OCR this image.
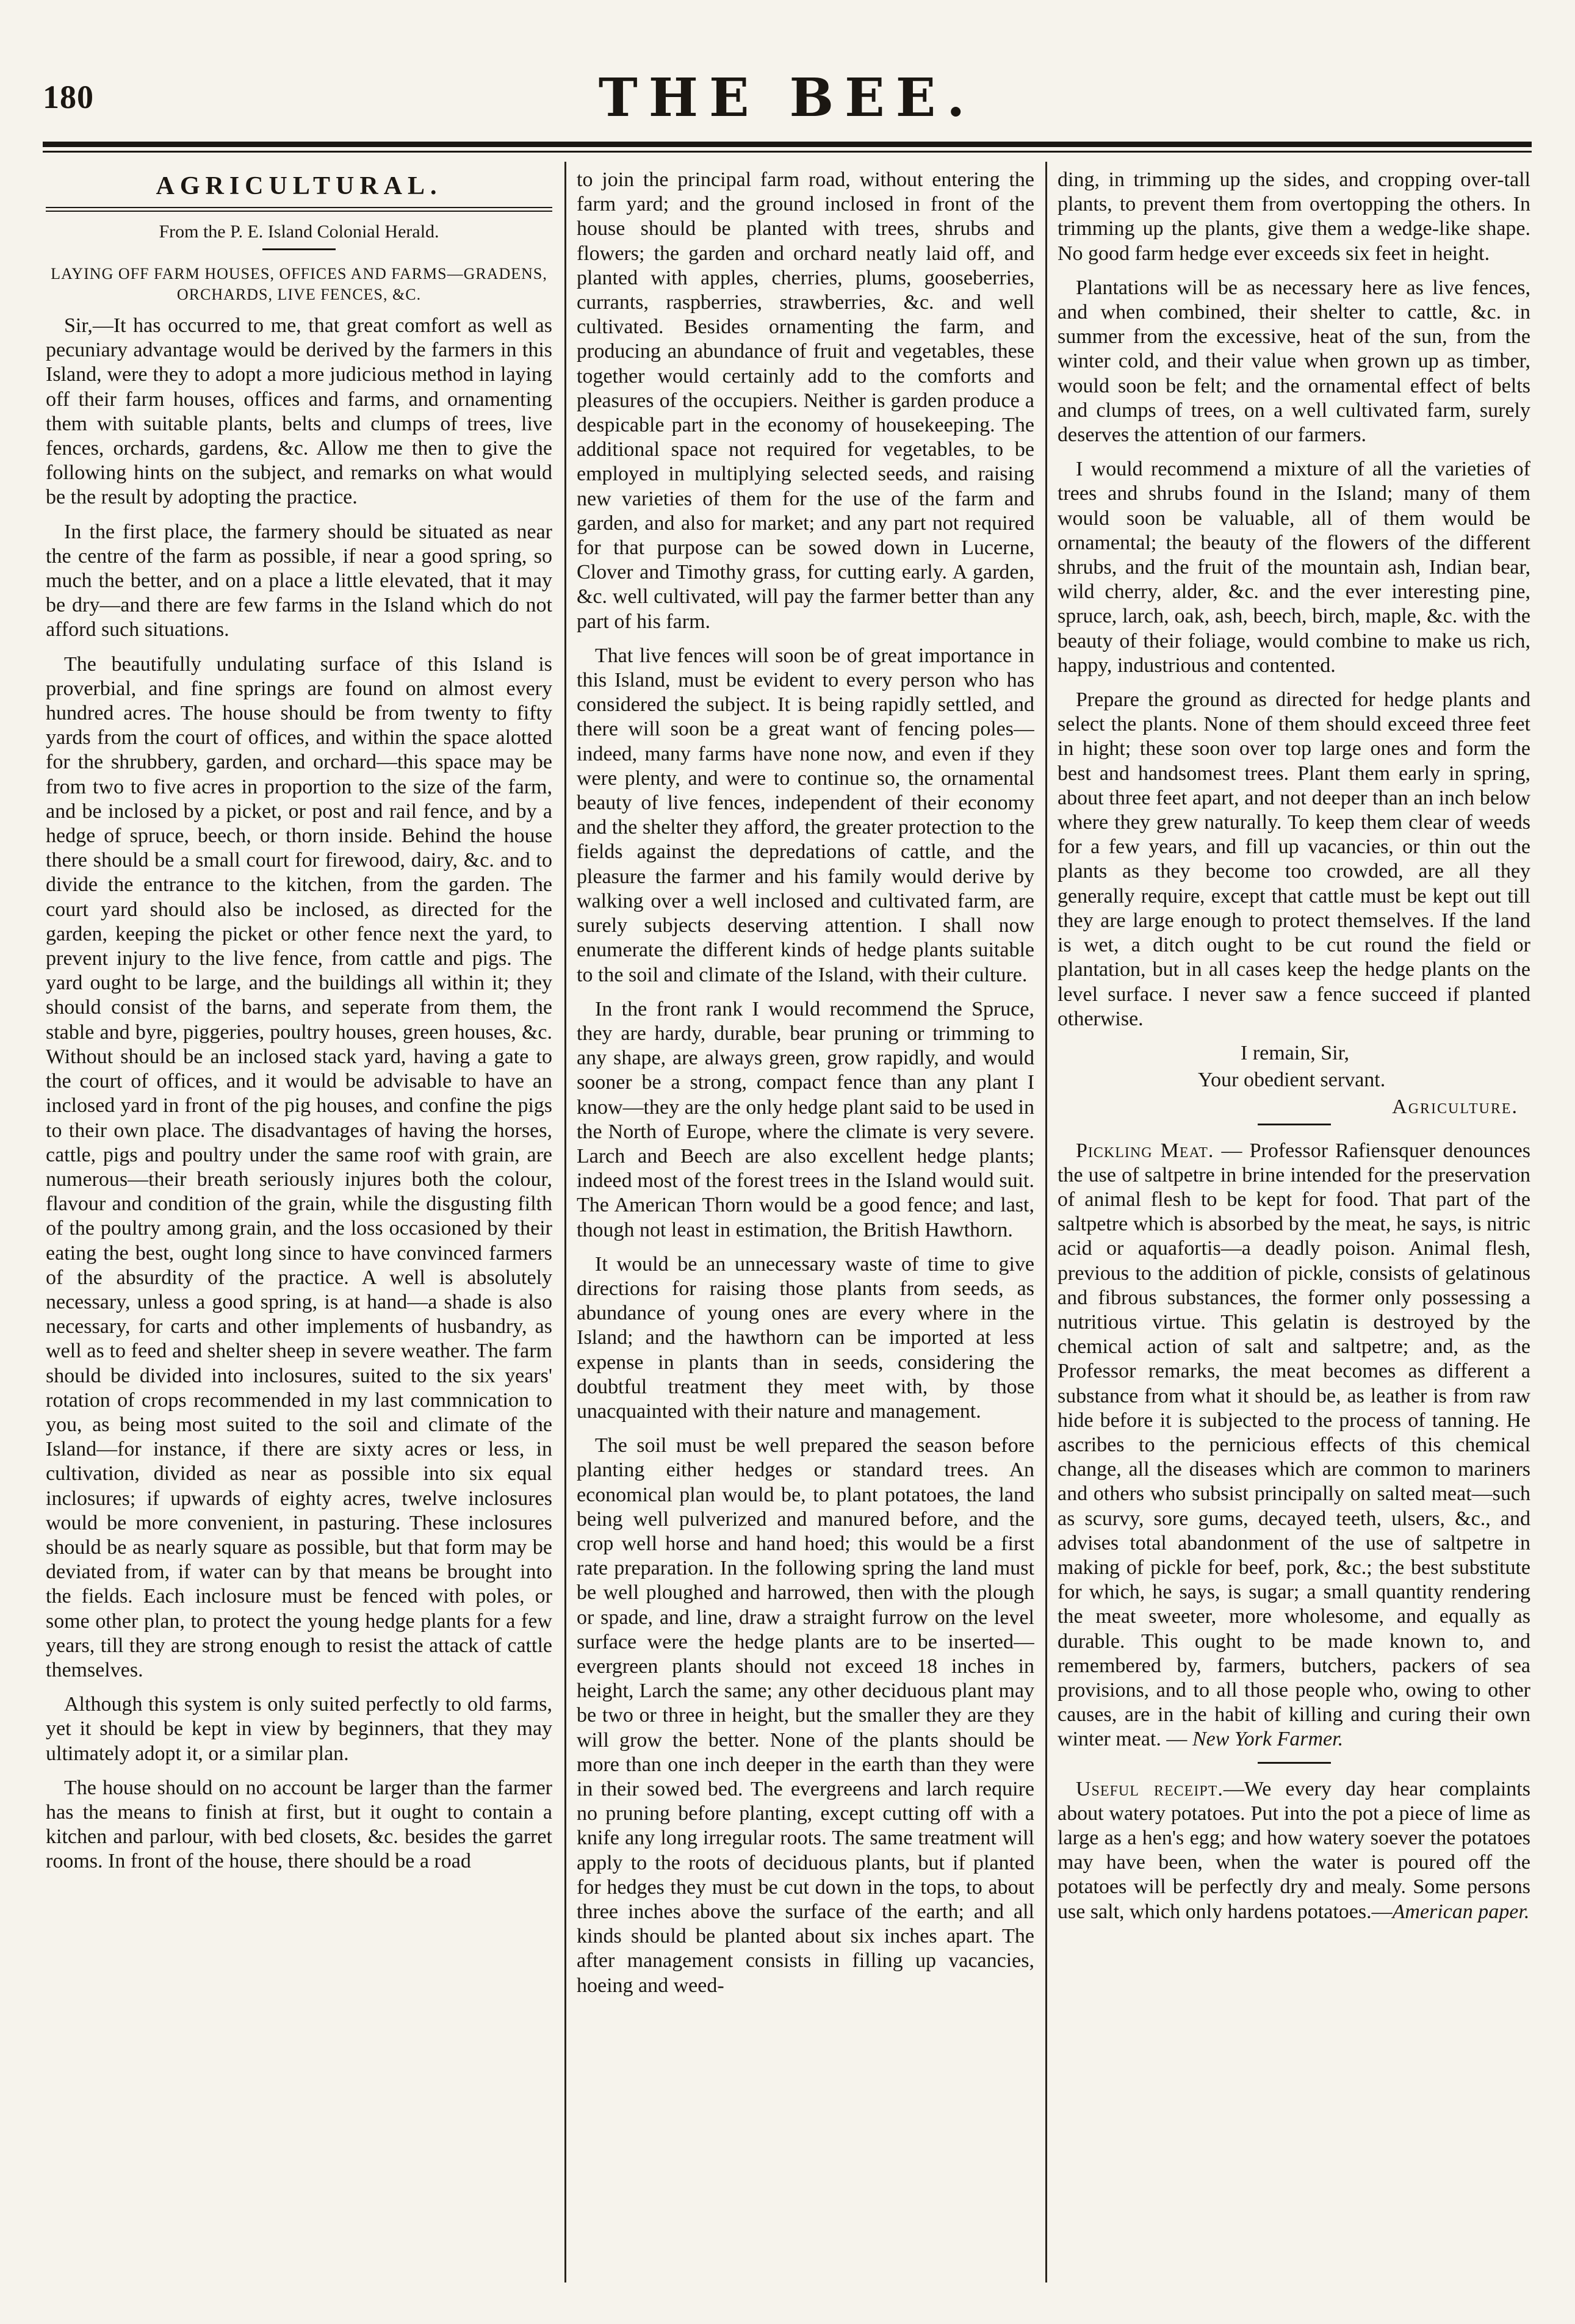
180	THE BEE.
AGRICULTURAL.
From the P. E. Island Colonial Herald.
LAYING OFF FARM HOUSES, OFFICES AND FARMS—GRADENS, ORCHARDS, LIVE FENCES, &C.

Sir,—It has occurred to me, that great comfort as well as pecuniary advantage would be derived by the farmers in this Island, were they to adopt a more judicious method in laying off their farm houses, offices and farms, and ornamenting them with suitable plants, belts and clumps of trees, live fences, orchards, gardens, &c. Allow me then to give the following hints on the subject, and remarks on what would be the result by adopting the practice.

In the first place, the farmery should be situated as near the centre of the farm as possible, if near a good spring, so much the better, and on a place a little elevated, that it may be dry—and there are few farms in the Island which do not afford such situations.

The beautifully undulating surface of this Island is proverbial, and fine springs are found on almost every hundred acres. The house should be from twenty to fifty yards from the court of offices, and within the space alotted for the shrubbery, garden, and orchard—this space may be from two to five acres in proportion to the size of the farm, and be inclosed by a picket, or post and rail fence, and by a hedge of spruce, beech, or thorn inside. Behind the house there should be a small court for firewood, dairy, &c. and to divide the entrance to the kitchen, from the garden. The court yard should also be inclosed, as directed for the garden, keeping the picket or other fence next the yard, to prevent injury to the live fence, from cattle and pigs. The yard ought to be large, and the buildings all within it; they should consist of the barns, and seperate from them, the stable and byre, piggeries, poultry houses, green houses, &c. Without should be an inclosed stack yard, having a gate to the court of offices, and it would be advisable to have an inclosed yard in front of the pig houses, and confine the pigs to their own place. The disadvantages of having the horses, cattle, pigs and poultry under the same roof with grain, are numerous—their breath seriously injures both the colour, flavour and condition of the grain, while the disgusting filth of the poultry among grain, and the loss occasioned by their eating the best, ought long since to have convinced farmers of the absurdity of the practice. A well is absolutely necessary, unless a good spring, is at hand—a shade is also necessary, for carts and other implements of husbandry, as well as to feed and shelter sheep in severe weather. The farm should be divided into inclosures, suited to the six years' rotation of crops recommended in my last commnication to you, as being most suited to the soil and climate of the Island—for instance, if there are sixty acres or less, in cultivation, divided as near as possible into six equal inclosures; if upwards of eighty acres, twelve inclosures would be more convenient, in pasturing. These inclosures should be as nearly square as possible, but that form may be deviated from, if water can by that means be brought into the fields. Each inclosure must be fenced with poles, or some other plan, to protect the young hedge plants for a few years, till they are strong enough to resist the attack of cattle themselves.

Although this system is only suited perfectly to old farms, yet it should be kept in view by beginners, that they may ultimately adopt it, or a similar plan.

The house should on no account be larger than the farmer has the means to finish at first, but it ought to contain a kitchen and parlour, with bed closets, &c. besides the garret rooms. In front of the house, there should be a road

to join the principal farm road, without entering the farm yard; and the ground inclosed in front of the house should be planted with trees, shrubs and flowers; the garden and orchard neatly laid off, and planted with apples, cherries, plums, gooseberries, currants, raspberries, strawberries, &c. and well cultivated. Besides ornamenting the farm, and producing an abundance of fruit and vegetables, these together would certainly add to the comforts and pleasures of the occupiers. Neither is garden produce a despicable part in the economy of housekeeping. The additional space not required for vegetables, to be employed in multiplying selected seeds, and raising new varieties of them for the use of the farm and garden, and also for market; and any part not required for that purpose can be sowed down in Lucerne, Clover and Timothy grass, for cutting early. A garden, &c. well cultivated, will pay the farmer better than any part of his farm.

That live fences will soon be of great importance in this Island, must be evident to every person who has considered the subject. It is being rapidly settled, and there will soon be a great want of fencing poles—indeed, many farms have none now, and even if they were plenty, and were to continue so, the ornamental beauty of live fences, independent of their economy and the shelter they afford, the greater protection to the fields against the depredations of cattle, and the pleasure the farmer and his family would derive by walking over a well inclosed and cultivated farm, are surely subjects deserving attention. I shall now enumerate the different kinds of hedge plants suitable to the soil and climate of the Island, with their culture.

In the front rank I would recommend the Spruce, they are hardy, durable, bear pruning or trimming to any shape, are always green, grow rapidly, and would sooner be a strong, compact fence than any plant I know—they are the only hedge plant said to be used in the North of Europe, where the climate is very severe. Larch and Beech are also excellent hedge plants; indeed most of the forest trees in the Island would suit. The American Thorn would be a good fence; and last, though not least in estimation, the British Hawthorn.

It would be an unnecessary waste of time to give directions for raising those plants from seeds, as abundance of young ones are every where in the Island; and the hawthorn can be imported at less expense in plants than in seeds, considering the doubtful treatment they meet with, by those unacquainted with their nature and management.

The soil must be well prepared the season before planting either hedges or standard trees. An economical plan would be, to plant potatoes, the land being well pulverized and manured before, and the crop well horse and hand hoed; this would be a first rate preparation. In the following spring the land must be well ploughed and harrowed, then with the plough or spade, and line, draw a straight furrow on the level surface were the hedge plants are to be inserted—evergreen plants should not exceed 18 inches in height, Larch the same; any other deciduous plant may be two or three in height, but the smaller they are they will grow the better. None of the plants should be more than one inch deeper in the earth than they were in their sowed bed. The evergreens and larch require no pruning before planting, except cutting off with a knife any long irregular roots. The same treatment will apply to the roots of deciduous plants, but if planted for hedges they must be cut down in the tops, to about three inches above the surface of the earth; and all kinds should be planted about six inches apart. The after management consists in filling up vacancies, hoeing and weed-

ding, in trimming up the sides, and cropping over-tall plants, to prevent them from overtopping the others. In trimming up the plants, give them a wedge-like shape. No good farm hedge ever exceeds six feet in height.

Plantations will be as necessary here as live fences, and when combined, their shelter to cattle, &c. in summer from the excessive, heat of the sun, from the winter cold, and their value when grown up as timber, would soon be felt; and the ornamental effect of belts and clumps of trees, on a well cultivated farm, surely deserves the attention of our farmers.

I would recommend a mixture of all the varieties of trees and shrubs found in the Island; many of them would soon be valuable, all of them would be ornamental; the beauty of the flowers of the different shrubs, and the fruit of the mountain ash, Indian bear, wild cherry, alder, &c. and the ever interesting pine, spruce, larch, oak, ash, beech, birch, maple, &c. with the beauty of their foliage, would combine to make us rich, happy, industrious and contented.

Prepare the ground as directed for hedge plants and select the plants. None of them should exceed three feet in hight; these soon over top large ones and form the best and handsomest trees. Plant them early in spring, about three feet apart, and not deeper than an inch below where they grew naturally. To keep them clear of weeds for a few years, and fill up vacancies, or thin out the plants as they become too crowded, are all they generally require, except that cattle must be kept out till they are large enough to protect themselves. If the land is wet, a ditch ought to be cut round the field or plantation, but in all cases keep the hedge plants on the level surface. I never saw a fence succeed if planted otherwise.

I remain, Sir,

Your obedient servant.

Agriculture.

Pickling Meat. — Professor Rafiensquer denounces the use of saltpetre in brine intended for the preservation of animal flesh to be kept for food. That part of the saltpetre which is absorbed by the meat, he says, is nitric acid or aquafortis—a deadly poison. Animal flesh, previous to the addition of pickle, consists of gelatinous and fibrous substances, the former only possessing a nutritious virtue. This gelatin is destroyed by the chemical action of salt and saltpetre; and, as the Professor remarks, the meat becomes as different a substance from what it should be, as leather is from raw hide before it is subjected to the process of tanning. He ascribes to the pernicious effects of this chemical change, all the diseases which are common to mariners and others who subsist principally on salted meat—such as scurvy, sore gums, decayed teeth, ulsers, &c., and advises total abandonment of the use of saltpetre in making of pickle for beef, pork, &c.; the best substitute for which, he says, is sugar; a small quantity rendering the meat sweeter, more wholesome, and equally as durable. This ought to be made known to, and remembered by, farmers, butchers, packers of sea provisions, and to all those people who, owing to other causes, are in the habit of killing and curing their own winter meat. — New York Farmer.

Useful receipt.—We every day hear complaints about watery potatoes. Put into the pot a piece of lime as large as a hen's egg; and how watery soever the potatoes may have been, when the water is poured off the potatoes will be perfectly dry and mealy. Some persons use salt, which only hardens potatoes.—American paper.
